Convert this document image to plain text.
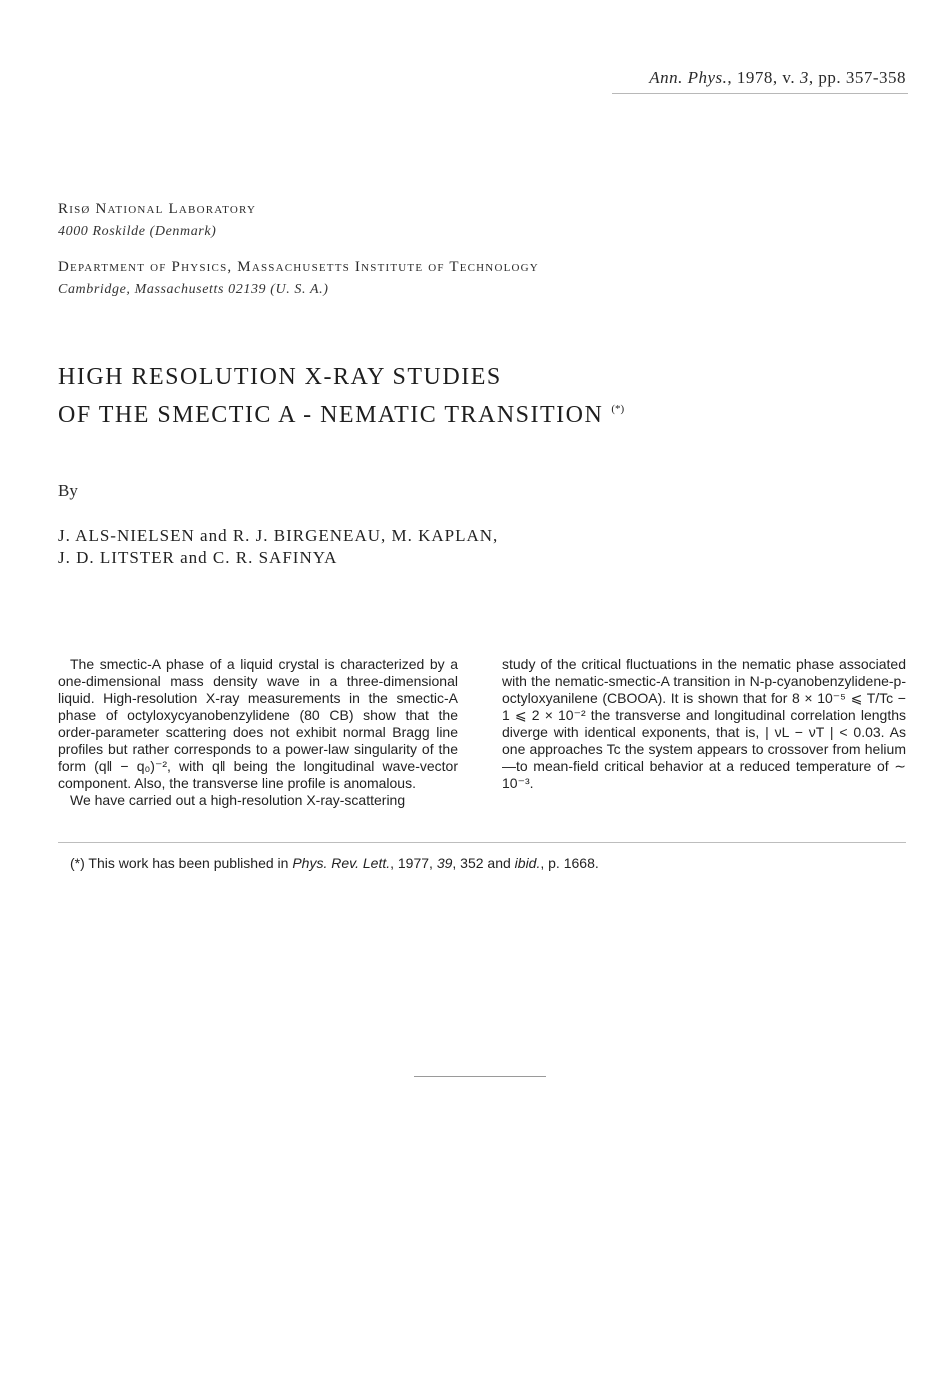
Ann. Phys., 1978, v. 3, pp. 357-358
Risø National Laboratory
4000 Roskilde (Denmark)
Department of Physics, Massachusetts Institute of Technology
Cambridge, Massachusetts 02139 (U. S. A.)
HIGH RESOLUTION X-RAY STUDIES
OF THE SMECTIC A - NEMATIC TRANSITION (*)
By
J. ALS-NIELSEN and R. J. BIRGENEAU, M. KAPLAN,
J. D. LITSTER and C. R. SAFINYA

The smectic-A phase of a liquid crystal is characterized by a one-dimensional mass density wave in a three-dimensional liquid. High-resolution X-ray measurements in the smectic-A phase of octyloxycyanobenzylidene (80 CB) show that the order-parameter scattering does not exhibit normal Bragg line profiles but rather corresponds to a power-law singularity of the form (q‖ − q₀)⁻², with q‖ being the longitudinal wave-vector component. Also, the transverse line profile is anomalous.

We have carried out a high-resolution X-ray-scattering

study of the critical fluctuations in the nematic phase associated with the nematic-smectic-A transition in N-p-cyanobenzylidene-p-octyloxyanilene (CBOOA). It is shown that for 8 × 10⁻⁵ ⩽ T/Tc − 1 ⩽ 2 × 10⁻² the transverse and longitudinal correlation lengths diverge with identical exponents, that is, | νL − νT | < 0.03. As one approaches Tc the system appears to crossover from helium—to mean-field critical behavior at a reduced temperature of ∼ 10⁻³.

(*) This work has been published in Phys. Rev. Lett., 1977, 39, 352 and ibid., p. 1668.
